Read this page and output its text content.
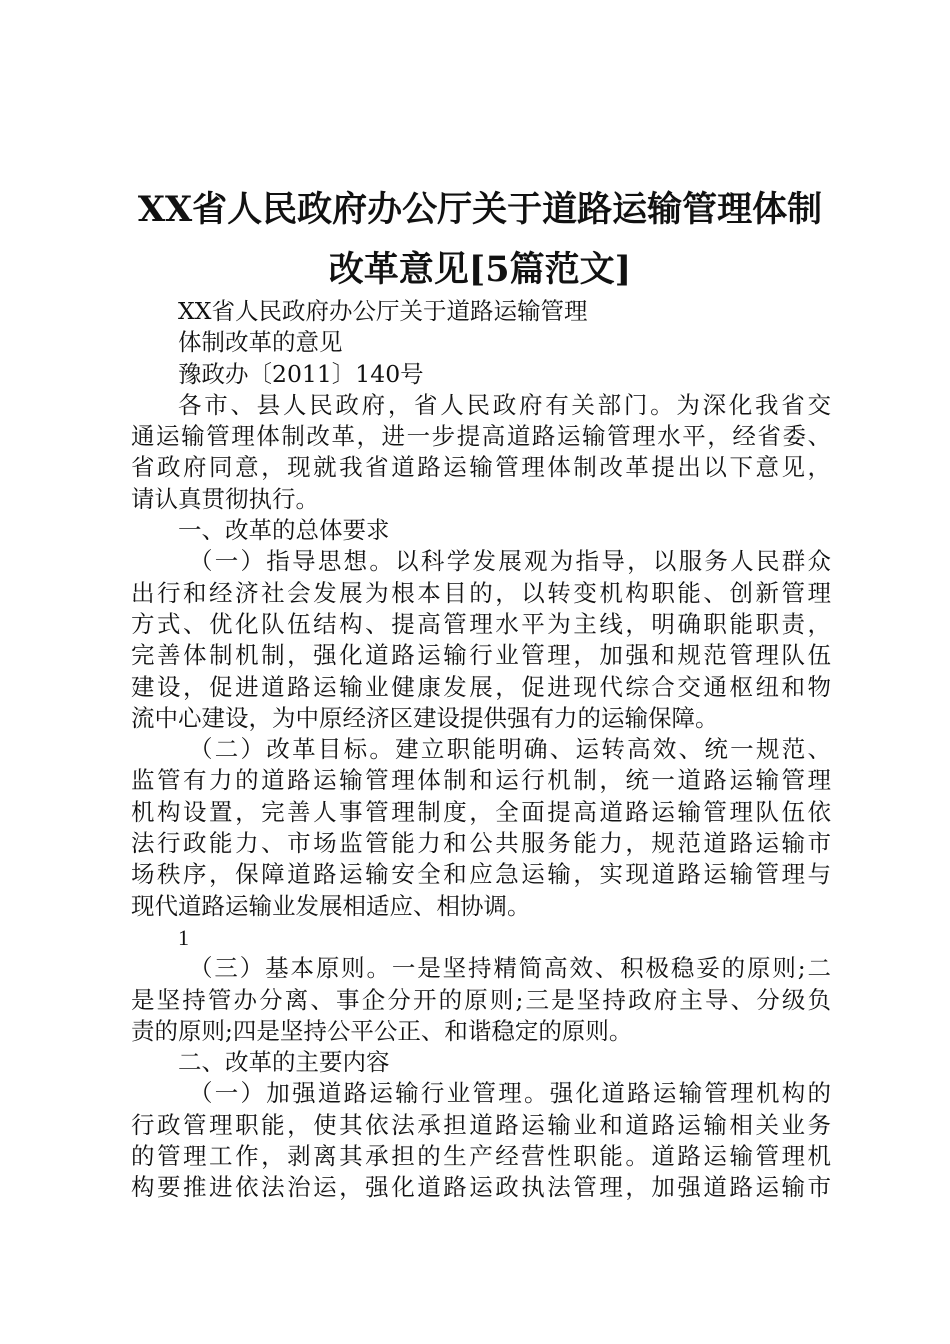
XX省人民政府办公厅关于道路运输管理体制
改革意见[5篇范文]
XX省人民政府办公厅关于道路运输管理
体制改革的意见
豫政办〔2011〕140号
各市、县人民政府，省人民政府有关部门。为深化我省交
通运输管理体制改革，进一步提高道路运输管理水平，经省委、
省政府同意，现就我省道路运输管理体制改革提出以下意见，
请认真贯彻执行。
一、改革的总体要求
（一）指导思想。以科学发展观为指导，以服务人民群众
出行和经济社会发展为根本目的，以转变机构职能、创新管理
方式、优化队伍结构、提高管理水平为主线，明确职能职责，
完善体制机制，强化道路运输行业管理，加强和规范管理队伍
建设，促进道路运输业健康发展，促进现代综合交通枢纽和物
流中心建设，为中原经济区建设提供强有力的运输保障。
（二）改革目标。建立职能明确、运转高效、统一规范、
监管有力的道路运输管理体制和运行机制，统一道路运输管理
机构设置，完善人事管理制度，全面提高道路运输管理队伍依
法行政能力、市场监管能力和公共服务能力，规范道路运输市
场秩序，保障道路运输安全和应急运输，实现道路运输管理与
现代道路运输业发展相适应、相协调。
1
（三）基本原则。一是坚持精简高效、积极稳妥的原则;二
是坚持管办分离、事企分开的原则;三是坚持政府主导、分级负
责的原则;四是坚持公平公正、和谐稳定的原则。
二、改革的主要内容
（一）加强道路运输行业管理。强化道路运输管理机构的
行政管理职能，使其依法承担道路运输业和道路运输相关业务
的管理工作，剥离其承担的生产经营性职能。道路运输管理机
构要推进依法治运，强化道路运政执法管理，加强道路运输市
